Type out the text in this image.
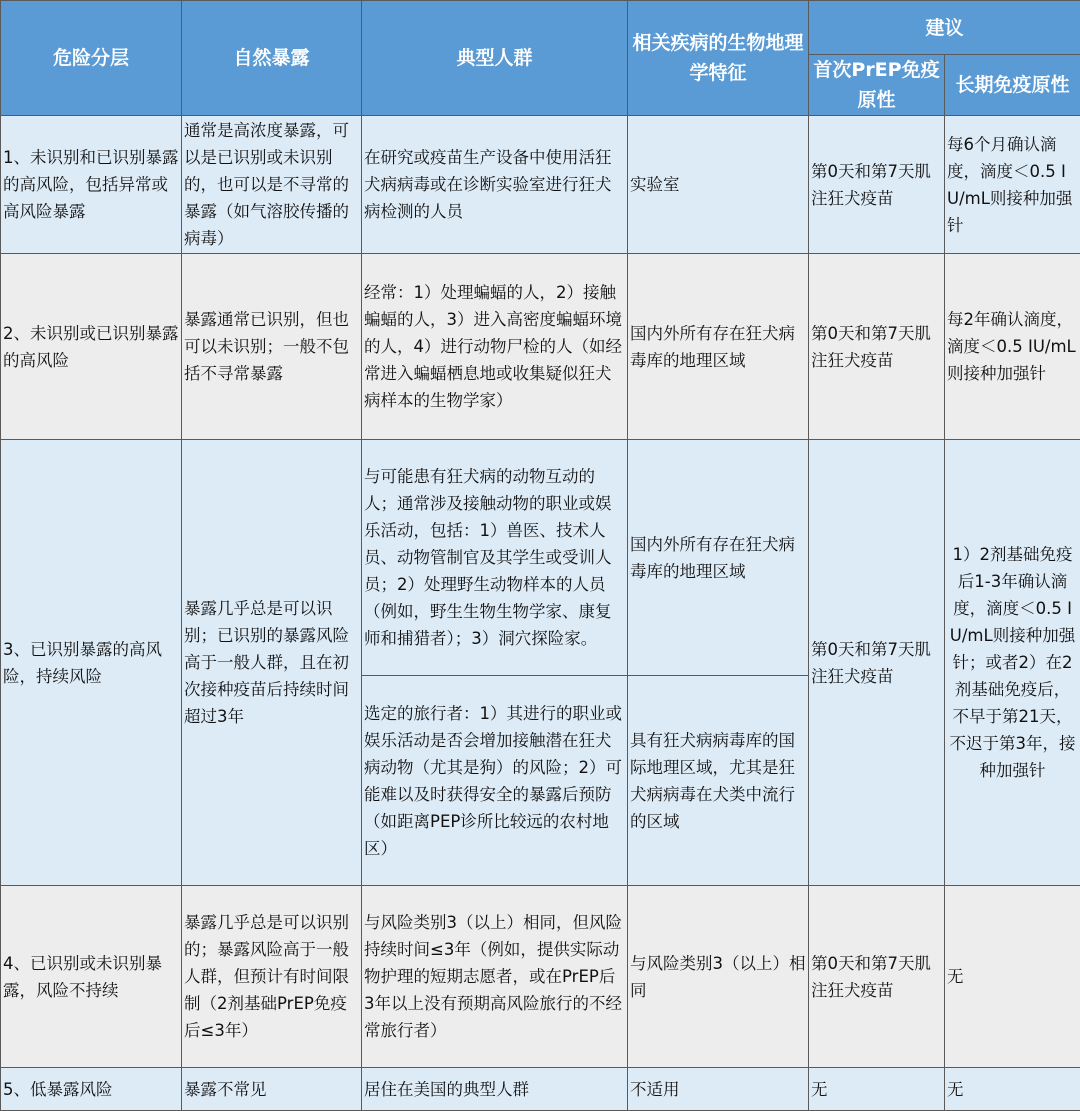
危险分层	自然暴露	典型人群	相关疾病的生物地理学特征	建议	
				首次PrEP免疫原性	长期免疫原性
1、未识别和已识别暴露的高风险，包括异常或高风险暴露	通常是高浓度暴露，可以是已识别或未识别的，也可以是不寻常的暴露（如气溶胶传播的病毒）	在研究或疫苗生产设备中使用活狂犬病病毒或在诊断实验室进行狂犬病检测的人员	实验室	第0天和第7天肌注狂犬疫苗	每6个月确认滴度，滴度＜0.5 IU/mL则接种加强针
2、未识别或已识别暴露的高风险	暴露通常已识别，但也可以未识别；一般不包括不寻常暴露	经常：1）处理蝙蝠的人，2）接触蝙蝠的人，3）进入高密度蝙蝠环境的人，4）进行动物尸检的人（如经常进入蝙蝠栖息地或收集疑似狂犬病样本的生物学家）	国内外所有存在狂犬病毒库的地理区域	第0天和第7天肌注狂犬疫苗	每2年确认滴度，滴度＜0.5 IU/mL则接种加强针
3、已识别暴露的高风险，持续风险	暴露几乎总是可以识别；已识别的暴露风险高于一般人群，且在初次接种疫苗后持续时间超过3年	与可能患有狂犬病的动物互动的人；通常涉及接触动物的职业或娱乐活动，包括：1）兽医、技术人员、动物管制官及其学生或受训人员；2）处理野生动物样本的人员（例如，野生生物生物学家、康复师和捕猎者）；3）洞穴探险家。	国内外所有存在狂犬病毒库的地理区域	第0天和第7天肌注狂犬疫苗	1）2剂基础免疫后1-3年确认滴度，滴度＜0.5 IU/mL则接种加强针；或者2）在2剂基础免疫后，不早于第21天，不迟于第3年，接种加强针
		选定的旅行者：1）其进行的职业或娱乐活动是否会增加接触潜在狂犬病动物（尤其是狗）的风险；2）可能难以及时获得安全的暴露后预防（如距离PEP诊所比较远的农村地区）	具有狂犬病病毒库的国际地理区域，尤其是狂犬病病毒在犬类中流行的区域		
4、已识别或未识别暴露，风险不持续	暴露几乎总是可以识别的；暴露风险高于一般人群，但预计有时间限制（2剂基础PrEP免疫后≤3年）	与风险类别3（以上）相同，但风险持续时间≤3年（例如，提供实际动物护理的短期志愿者，或在PrEP后3年以上没有预期高风险旅行的不经常旅行者）	与风险类别3（以上）相同	第0天和第7天肌注狂犬疫苗	无
5、低暴露风险	暴露不常见	居住在美国的典型人群	不适用	无	无
